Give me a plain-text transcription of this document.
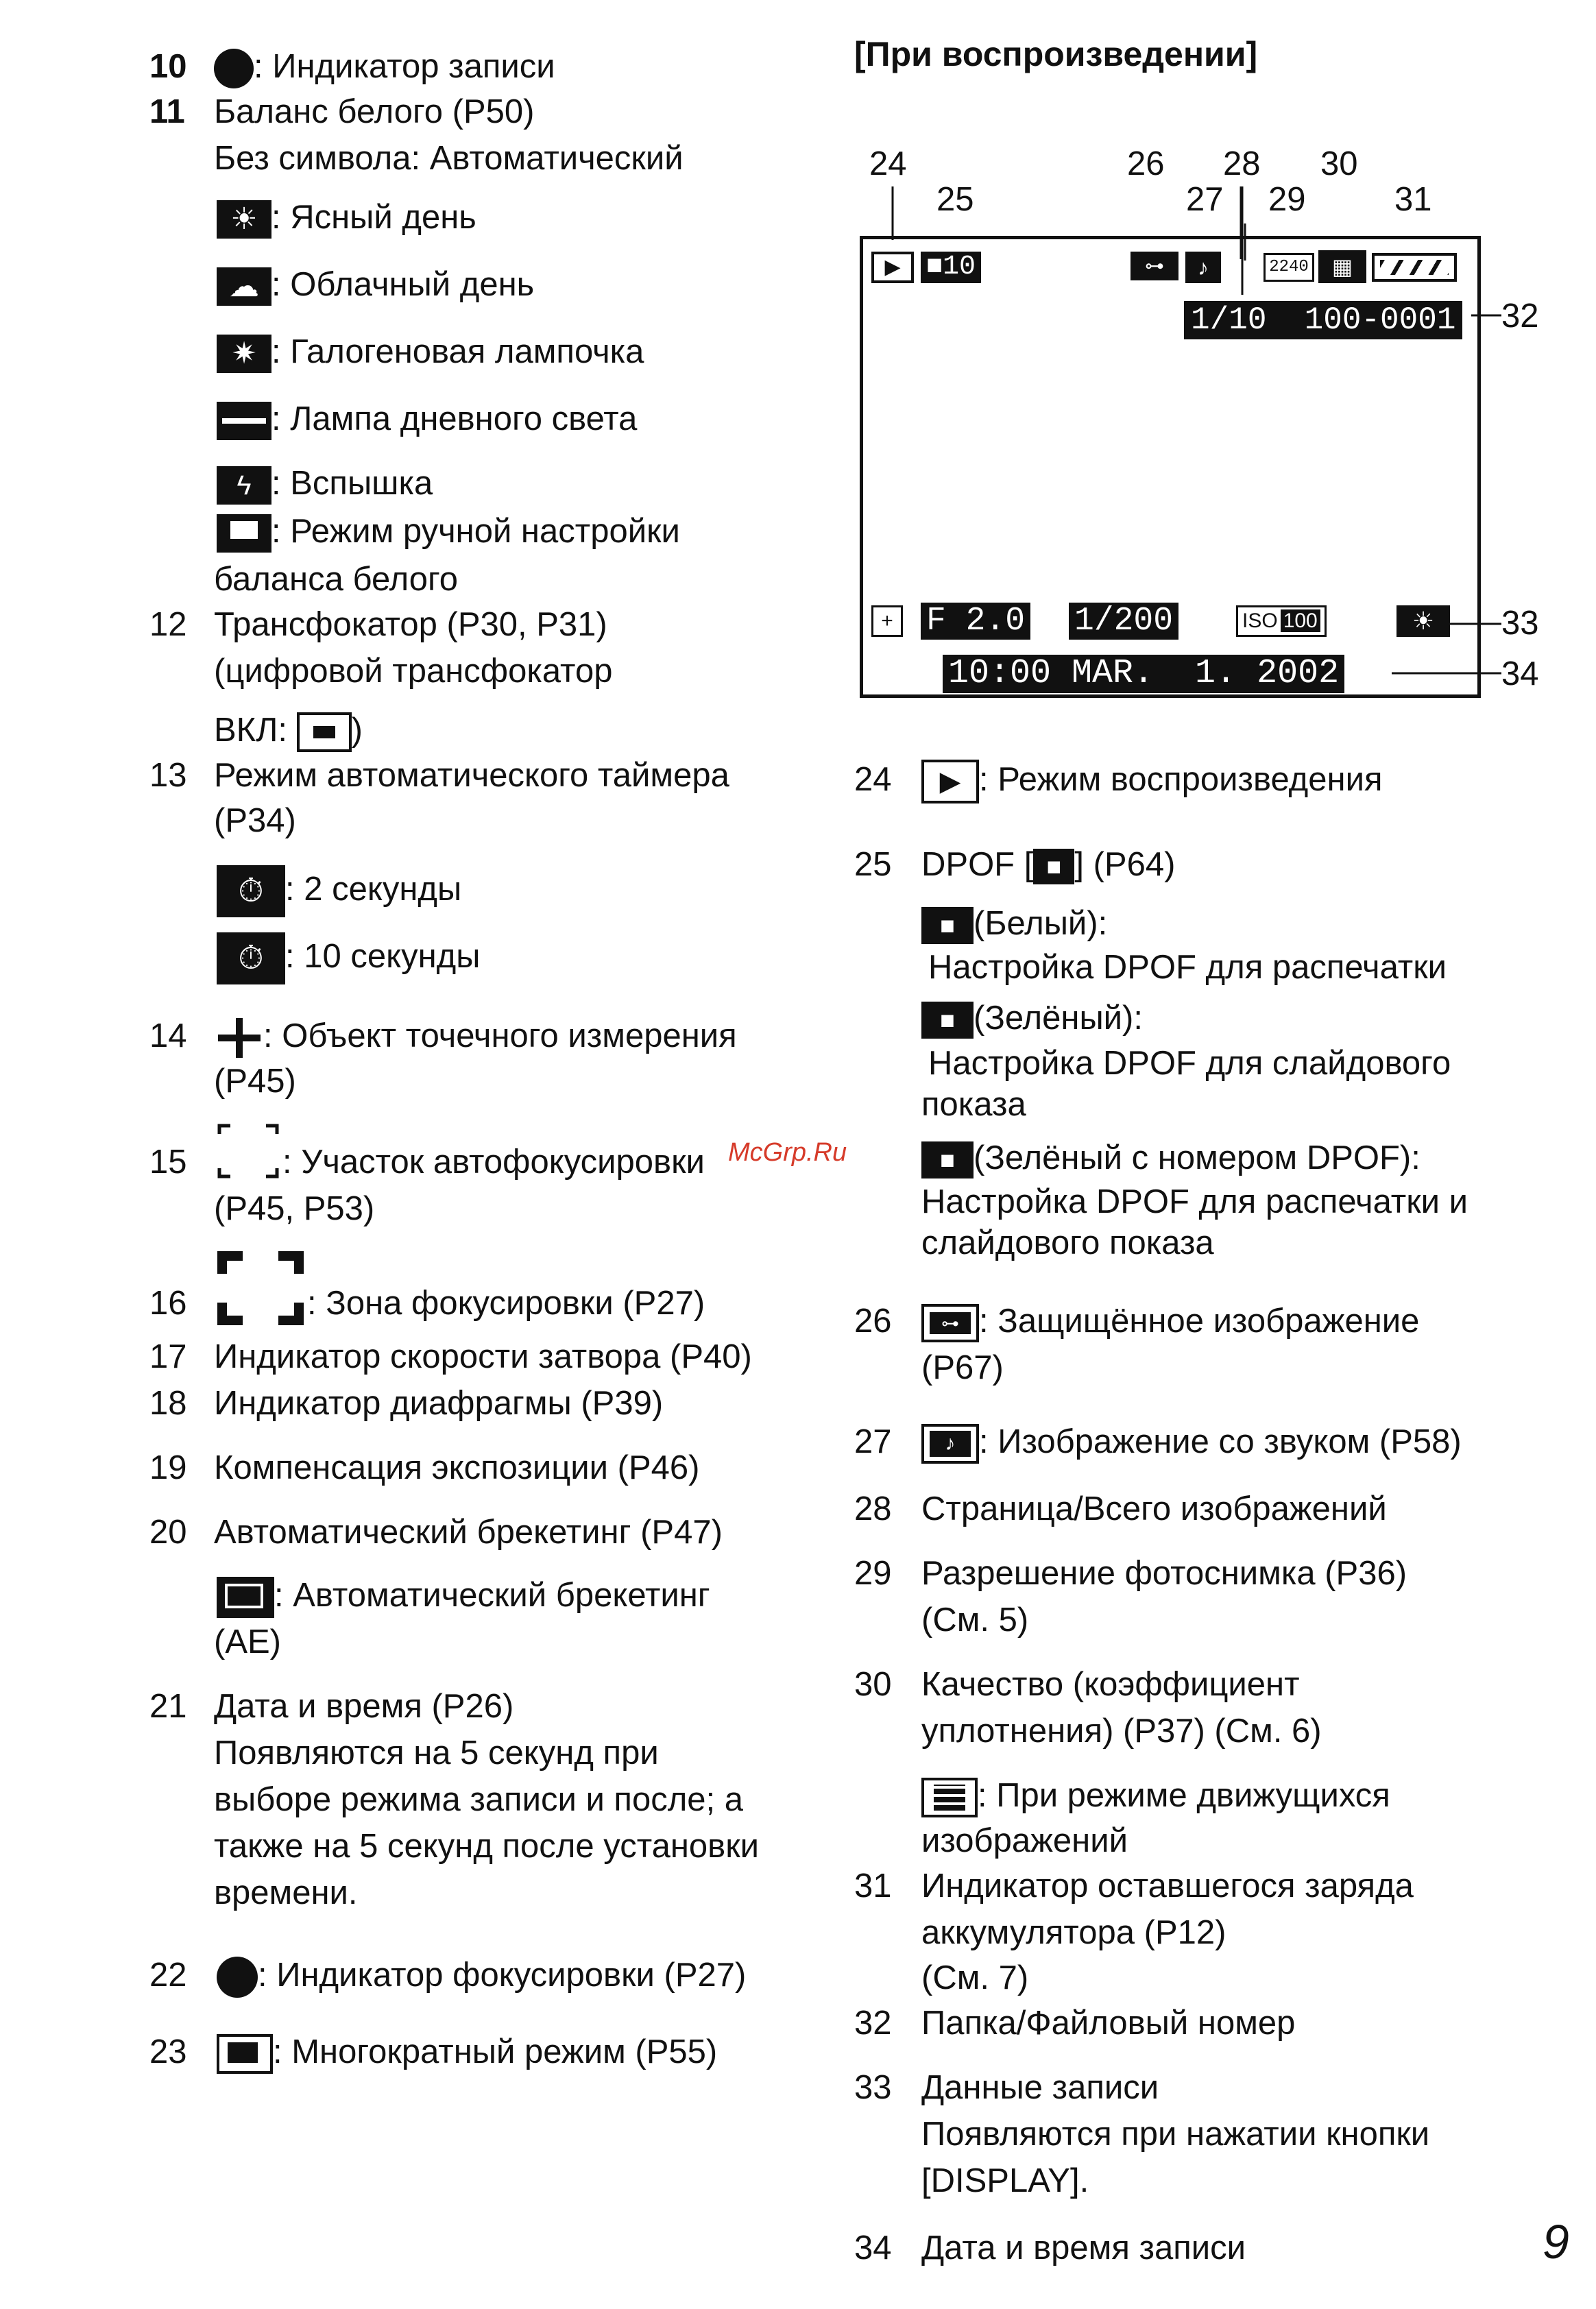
10	: Индикатор записи
11 Баланс белого (P50)
Без символа: Автоматический
☀ : Ясный день
☁ : Облачный день
✷ : Галогеновая лампочка
: Лампа дневного света
ϟ : Вспышка
: Режим ручной настройки
баланса белого
12 Трансфокатор (P30, P31)
(цифровой трансфокатор
ВКЛ:
)
13 Режим автоматического таймера
(P34)
⏱ : 2 секунды
⏱ : 10 секунды
14	: Объект точечного измерения
(P45)
15	: Участок автофокусировки
(P45, P53)
16	: Зона фокусировки (P27)
17 Индикатор скорости затвора (P40)
18 Индикатор диафрагмы (P39)
19 Компенсация экспозиции (P46)
20 Автоматический брекетинг (P47)
: Автоматический брекетинг
(AE)
21 Дата и время (P26)
Появляются на 5 секунд при
выборе режима записи и после; а
также на 5 секунд после установки
времени.
22	: Индикатор фокусировки (P27)
23	: Многократный режим (P55)
McGrp.Ru
[При воспроизведении]
24
25
26
27
28
29
30
31
32
33
34
▶ ■10	⊶	♪	2240	▦
1/10 100-0001
+ F 2.0 1/200	ISO 100	☀
10:00 MAR.  1. 2002
24	▶ : Режим воспроизведения
25 DPOF [ ■ ] (P64)
■ (Белый):
Настройка DPOF для распечатки
■ (Зелёный):
Настройка DPOF для слайдового
показа
■ (Зелёный с номером DPOF):
Настройка DPOF для распечатки и
слайдового показа
26	⊶ : Защищённое изображение
(P67)
27	♪ : Изображение со звуком (P58)
28 Страница/Всего изображений
29 Разрешение фотоснимка (P36)
(См. 5)
30 Качество (коэффициент
уплотнения) (P37) (См. 6)
: При режиме движущихся
изображений
31 Индикатор оставшегося заряда
аккумулятора (P12)
(См. 7)
32 Папка/Файловый номер
33 Данные записи
Появляются при нажатии кнопки
[DISPLAY].
34 Дата и время записи	9
